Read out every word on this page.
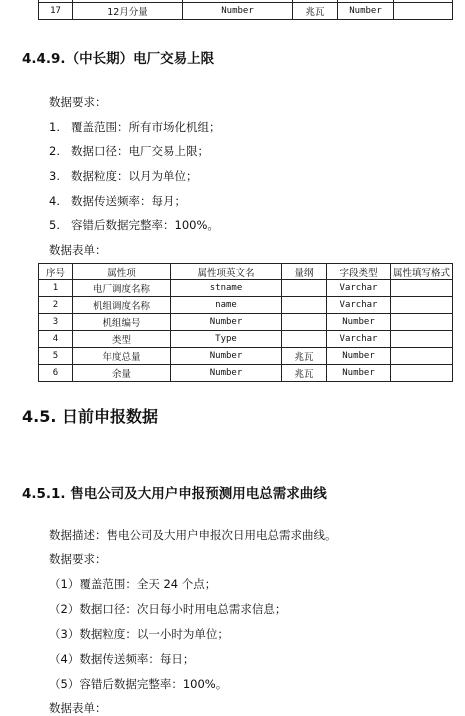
17	12月分量	Number	兆瓦	Number	
4.4.9.（中长期）电厂交易上限
数据要求：
1. 覆盖范围：所有市场化机组；
2. 数据口径：电厂交易上限；
3. 数据粒度：以月为单位；
4. 数据传送频率：每月；
5. 容错后数据完整率：100%。
数据表单：
序号	属性项	属性项英文名	量纲	字段类型	属性填写格式
1	电厂调度名称	stname		Varchar	
2	机组调度名称	name		Varchar	
3	机组编号	Number		Number	
4	类型	Type		Varchar	
5	年度总量	Number	兆瓦	Number	
6	余量	Number	兆瓦	Number	
4.5. 日前申报数据
4.5.1. 售电公司及大用户申报预测用电总需求曲线
数据描述：售电公司及大用户申报次日用电总需求曲线。
数据要求：
（1）覆盖范围：全天 24 个点；
（2）数据口径：次日每小时用电总需求信息；
（3）数据粒度：以一小时为单位；
（4）数据传送频率：每日；
（5）容错后数据完整率：100%。
数据表单：
